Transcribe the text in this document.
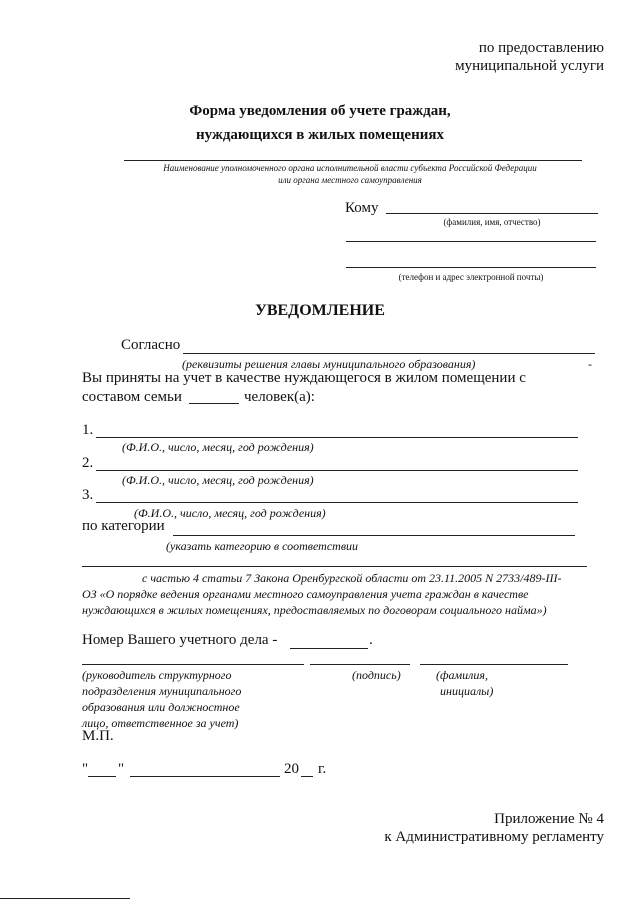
по предоставлению
муниципальной услуги
Форма уведомления об учете граждан,
нуждающихся в жилых помещениях
Наименование уполномоченного органа исполнительной власти субъекта Российской Федерации
или органа местного самоуправления
Кому
(фамилия, имя, отчество)
(телефон и адрес электронной почты)
УВЕДОМЛЕНИЕ
Согласно
(реквизиты решения главы муниципального образования)	-
Вы приняты на учет в качестве нуждающегося в жилом помещении с
составом семьи	человек(а):
1.
(Ф.И.О., число, месяц, год рождения)
2.
(Ф.И.О., число, месяц, год рождения)
3.
(Ф.И.О., число, месяц, год рождения)
по категории
(указать категорию в соответствии
с частью 4 статьи 7 Закона Оренбургской области от 23.11.2005 N 2733/489-III-
ОЗ «О порядке ведения органами местного самоуправления учета граждан в качестве
нуждающихся в жилых помещениях, предоставляемых по договорам социального найма»)
Номер Вашего учетного дела -	.
(руководитель структурного
подразделения муниципального
образования или должностное
лицо, ответственное за учет)
(подпись)	(фамилия,
инициалы)
М.П.
" "	20 г.
Приложение № 4
к Административному регламенту
